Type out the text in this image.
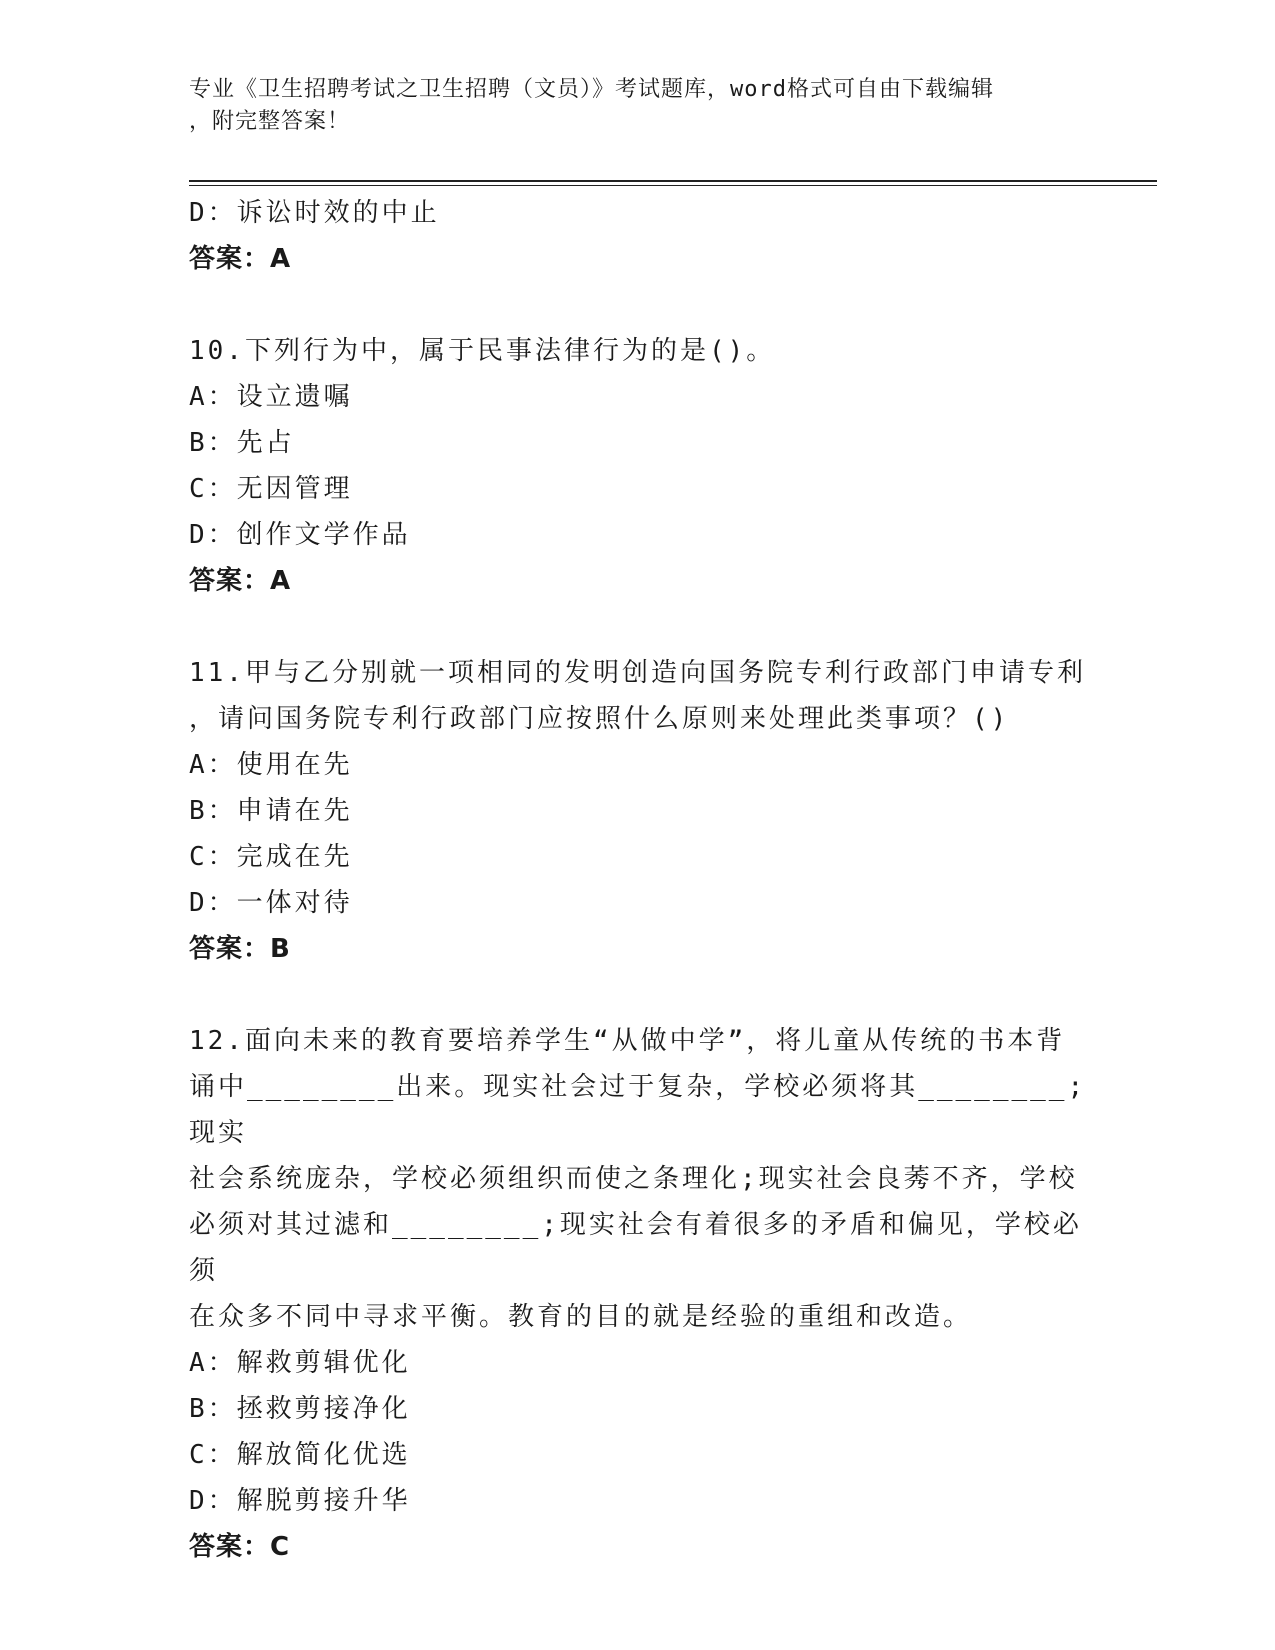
专业《卫生招聘考试之卫生招聘（文员）》考试题库，word格式可自由下载编辑
，附完整答案！

D：诉讼时效的中止

答案：A

10.下列行为中，属于民事法律行为的是()。

A：设立遗嘱

B：先占

C：无因管理

D：创作文学作品

答案：A

11.甲与乙分别就一项相同的发明创造向国务院专利行政部门申请专利

，请问国务院专利行政部门应按照什么原则来处理此类事项？()

A：使用在先

B：申请在先

C：完成在先

D：一体对待

答案：B

12.面向未来的教育要培养学生“从做中学”，将儿童从传统的书本背

诵中________出来。现实社会过于复杂，学校必须将其________;现实

社会系统庞杂，学校必须组织而使之条理化;现实社会良莠不齐，学校

必须对其过滤和________;现实社会有着很多的矛盾和偏见，学校必须

在众多不同中寻求平衡。教育的目的就是经验的重组和改造。

A：解救剪辑优化

B：拯救剪接净化

C：解放简化优选

D：解脱剪接升华

答案：C
